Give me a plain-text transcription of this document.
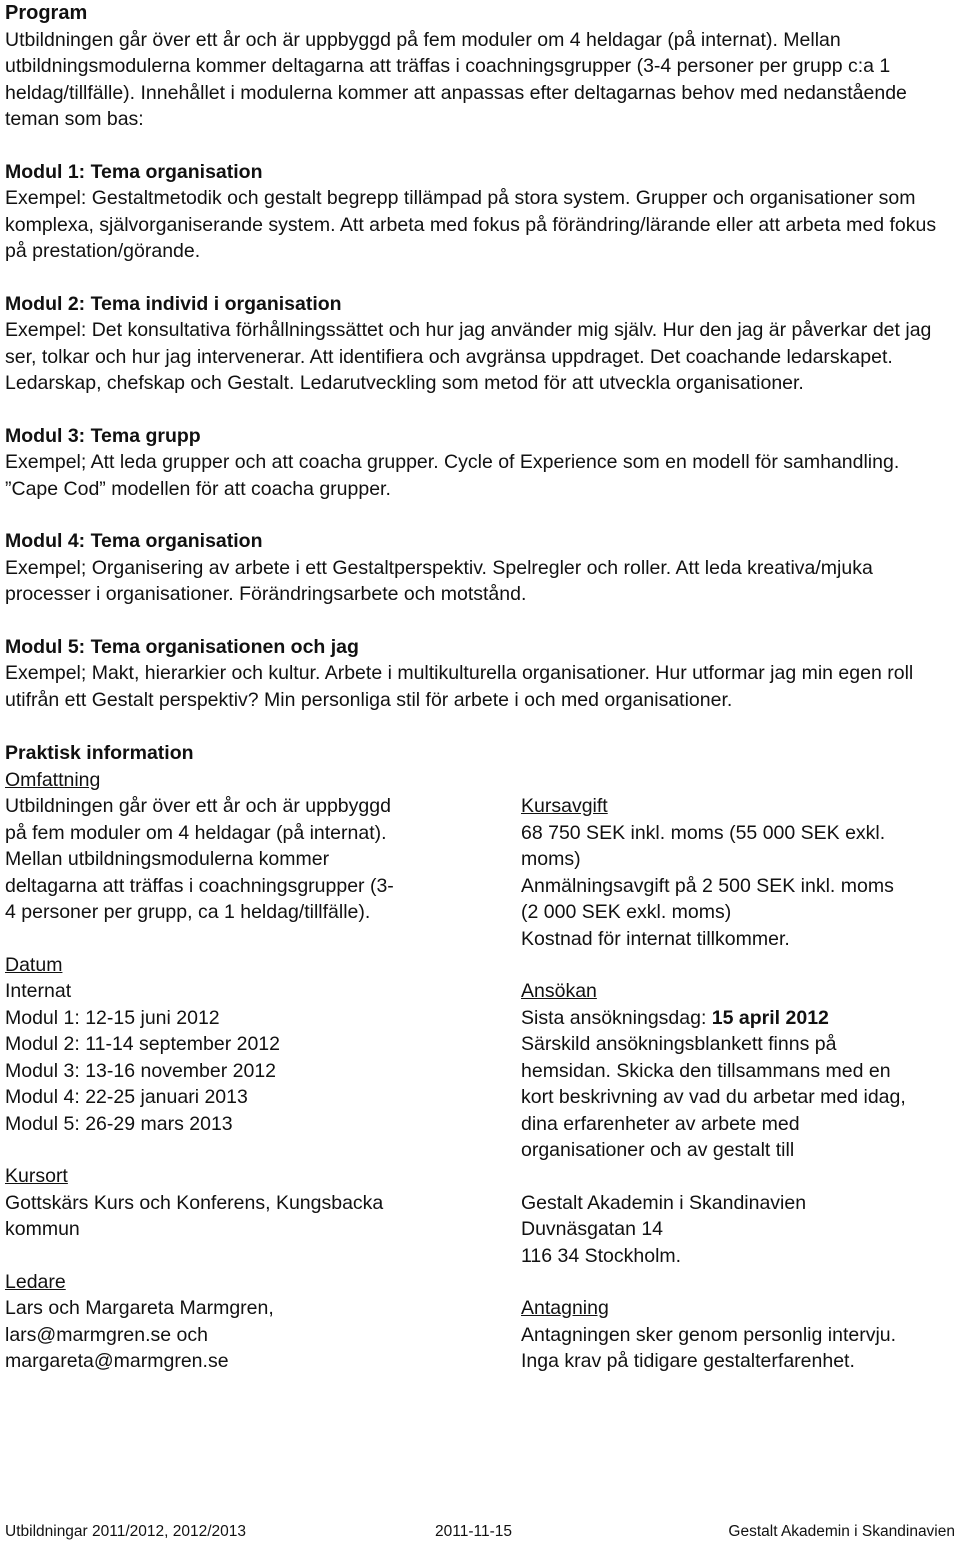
Program

Utbildningen går över ett år och är uppbyggd på fem moduler om 4 heldagar (på internat). Mellan utbildningsmodulerna kommer deltagarna att träffas i coachningsgrupper (3-4 personer per grupp c:a 1 heldag/tillfälle). Innehållet i modulerna kommer att anpassas efter deltagarnas behov med nedanstående teman som bas:

Modul 1: Tema organisation

Exempel: Gestaltmetodik och gestalt begrepp tillämpad på stora system. Grupper och organisationer som komplexa, självorganiserande system. Att arbeta med fokus på förändring/lärande eller att arbeta med fokus på prestation/görande.

Modul 2: Tema individ i organisation

Exempel: Det konsultativa förhållningssättet och hur jag använder mig själv. Hur den jag är påverkar det jag ser, tolkar och hur jag intervenerar. Att identifiera och avgränsa uppdraget. Det coachande ledarskapet. Ledarskap, chefskap och Gestalt. Ledarutveckling som metod för att utveckla organisationer.

Modul 3: Tema grupp

Exempel; Att leda grupper och att coacha grupper. Cycle of Experience som en modell för samhandling. ”Cape Cod” modellen för att coacha grupper.

Modul 4: Tema organisation

Exempel; Organisering av arbete i ett Gestaltperspektiv. Spelregler och roller. Att leda kreativa/mjuka processer i organisationer. Förändringsarbete och motstånd.

Modul 5: Tema organisationen och jag

Exempel; Makt, hierarkier och kultur. Arbete i multikulturella organisationer. Hur utformar jag min egen roll utifrån ett Gestalt perspektiv? Min personliga stil för arbete i och med organisationer.

Praktisk information

Omfattning
Utbildningen går över ett år och är uppbyggd
på fem moduler om 4 heldagar (på internat).
Mellan utbildningsmodulerna kommer
deltagarna att träffas i coachningsgrupper (3-
4 personer per grupp, ca 1 heldag/tillfälle).
Datum
Internat
Modul 1: 12-15 juni 2012
Modul 2: 11-14 september 2012
Modul 3: 13-16 november 2012
Modul 4: 22-25 januari 2013
Modul 5: 26-29 mars 2013
Kursort
Gottskärs Kurs och Konferens, Kungsbacka
kommun
Ledare
Lars och Margareta Marmgren,
lars@marmgren.se och
margareta@marmgren.se
Kursavgift
68 750 SEK inkl. moms (55 000 SEK exkl.
moms)
Anmälningsavgift på 2 500 SEK inkl. moms
(2 000 SEK exkl. moms)
Kostnad för internat tillkommer.
Ansökan
Sista ansökningsdag: 15 april 2012
Särskild ansökningsblankett finns på
hemsidan. Skicka den tillsammans med en
kort beskrivning av vad du arbetar med idag,
dina erfarenheter av arbete med
organisationer och av gestalt till
Gestalt Akademin i Skandinavien
Duvnäsgatan 14
116 34 Stockholm.
Antagning
Antagningen sker genom personlig intervju.
Inga krav på tidigare gestalterfarenhet.
Utbildningar 2011/2012, 2012/2013	2011-11-15	Gestalt Akademin i Skandinavien
